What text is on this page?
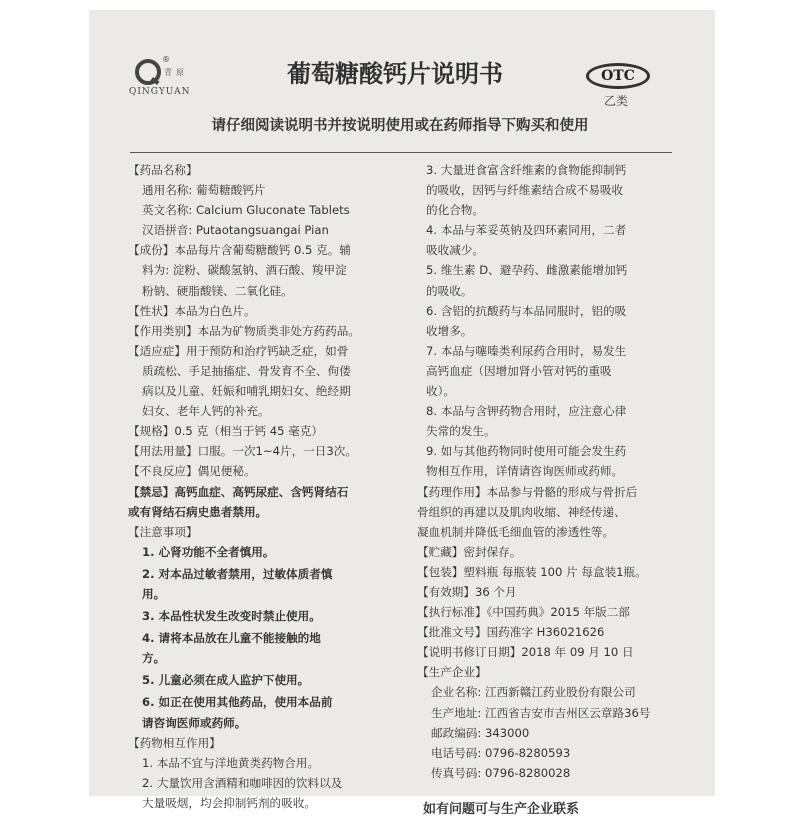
®
青原
QINGYUAN
葡萄糖酸钙片说明书	OTC
乙类
请仔细阅读说明书并按说明使用或在药师指导下购买和使用
【药品名称】
通用名称: 葡萄糖酸钙片
英文名称: Calcium Gluconate Tablets
汉语拼音: Putaotangsuangai Pian
【成份】本品每片含葡萄糖酸钙 0.5 克。辅
料为: 淀粉、碳酸氢钠、酒石酸、羧甲淀
粉钠、硬脂酸镁、二氧化硅。
【性状】本品为白色片。
【作用类别】本品为矿物质类非处方药药品。
【适应症】用于预防和治疗钙缺乏症，如骨
质疏松、手足抽搐症、骨发育不全、佝偻
病以及儿童、妊娠和哺乳期妇女、绝经期
妇女、老年人钙的补充。
【规格】0.5 克（相当于钙 45 毫克）
【用法用量】口服。一次1~4片，一日3次。
【不良反应】偶见便秘。
【禁忌】高钙血症、高钙尿症、含钙肾结石
或有肾结石病史患者禁用。
【注意事项】
1. 心肾功能不全者慎用。
2. 对本品过敏者禁用，过敏体质者慎
用。
3. 本品性状发生改变时禁止使用。
4. 请将本品放在儿童不能接触的地
方。
5. 儿童必须在成人监护下使用。
6. 如正在使用其他药品，使用本品前
请咨询医师或药师。
【药物相互作用】
1. 本品不宜与洋地黄类药物合用。
2. 大量饮用含酒精和咖啡因的饮料以及
大量吸烟，均会抑制钙剂的吸收。
3. 大量进食富含纤维素的食物能抑制钙
的吸收，因钙与纤维素结合成不易吸收
的化合物。
4. 本品与苯妥英钠及四环素同用，二者
吸收减少。
5. 维生素 D、避孕药、雌激素能增加钙
的吸收。
6. 含铝的抗酸药与本品同服时，铝的吸
收增多。
7. 本品与噻嗪类利尿药合用时，易发生
高钙血症（因增加肾小管对钙的重吸
收）。
8. 本品与含钾药物合用时，应注意心律
失常的发生。
9. 如与其他药物同时使用可能会发生药
物相互作用，详情请咨询医师或药师。
【药理作用】本品参与骨骼的形成与骨折后
骨组织的再建以及肌肉收缩、神经传递、
凝血机制并降低毛细血管的渗透性等。
【贮藏】密封保存。
【包装】塑料瓶 每瓶装 100 片 每盒装1瓶。
【有效期】36 个月
【执行标准】《中国药典》2015 年版二部
【批准文号】国药准字 H36021626
【说明书修订日期】2018 年 09 月 10 日
【生产企业】
企业名称: 江西新赣江药业股份有限公司
生产地址: 江西省吉安市吉州区云章路36号
邮政编码: 343000
电话号码: 0796-8280593
传真号码: 0796-8280028
如有问题可与生产企业联系
